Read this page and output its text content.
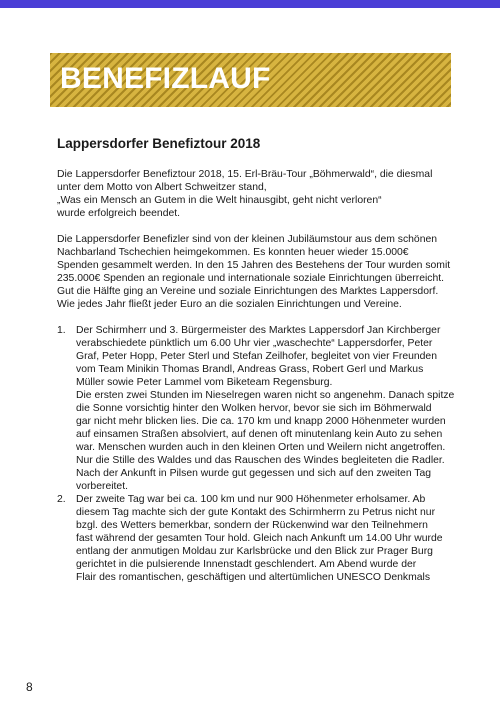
BENEFIZLAUF
Lappersdorfer Benefiztour 2018
Die Lappersdorfer Benefiztour 2018, 15. Erl-Bräu-Tour „Böhmerwald“, die diesmal
unter dem Motto von Albert Schweitzer stand,
„Was ein Mensch an Gutem in die Welt hinausgibt, geht nicht verloren“
wurde erfolgreich beendet.
Die Lappersdorfer Benefizler sind von der kleinen Jubiläumstour aus dem schönen
Nachbarland Tschechien heimgekommen. Es konnten heuer wieder 15.000€
Spenden gesammelt werden. In den 15 Jahren des Bestehens der Tour wurden somit
235.000€ Spenden an regionale und internationale soziale Einrichtungen überreicht.
Gut die Hälfte ging an Vereine und soziale Einrichtungen des Marktes Lappersdorf.
Wie jedes Jahr fließt jeder Euro an die sozialen Einrichtungen und Vereine.
1. Der Schirmherr und 3. Bürgermeister des Marktes Lappersdorf Jan Kirchberger
verabschiedete pünktlich um 6.00 Uhr vier „waschechte“ Lappersdorfer, Peter
Graf, Peter Hopp, Peter Sterl und Stefan Zeilhofer, begleitet von vier Freunden
vom Team Minikin Thomas Brandl, Andreas Grass, Robert Gerl und Markus
Müller sowie Peter Lammel vom Biketeam Regensburg.
Die ersten zwei Stunden im Nieselregen waren nicht so angenehm. Danach spitze
die Sonne vorsichtig hinter den Wolken hervor, bevor sie sich im Böhmerwald
gar nicht mehr blicken lies. Die ca. 170 km und knapp 2000 Höhenmeter wurden
auf einsamen Straßen absolviert, auf denen oft minutenlang kein Auto zu sehen
war. Menschen wurden auch in den kleinen Orten und Weilern nicht angetroffen.
Nur die Stille des Waldes und das Rauschen des Windes begleiteten die Radler.
Nach der Ankunft in Pilsen wurde gut gegessen und sich auf den zweiten Tag
vorbereitet.
2. Der zweite Tag war bei ca. 100 km und nur 900 Höhenmeter erholsamer. Ab
diesem Tag machte sich der gute Kontakt des Schirmherrn zu Petrus nicht nur
bzgl. des Wetters bemerkbar, sondern der Rückenwind war den Teilnehmern
fast während der gesamten Tour hold. Gleich nach Ankunft um 14.00 Uhr wurde
entlang der anmutigen Moldau zur Karlsbrücke und den Blick zur Prager Burg
gerichtet in die pulsierende Innenstadt geschlendert. Am Abend wurde der
Flair des romantischen, geschäftigen und altertümlichen UNESCO Denkmals
8
